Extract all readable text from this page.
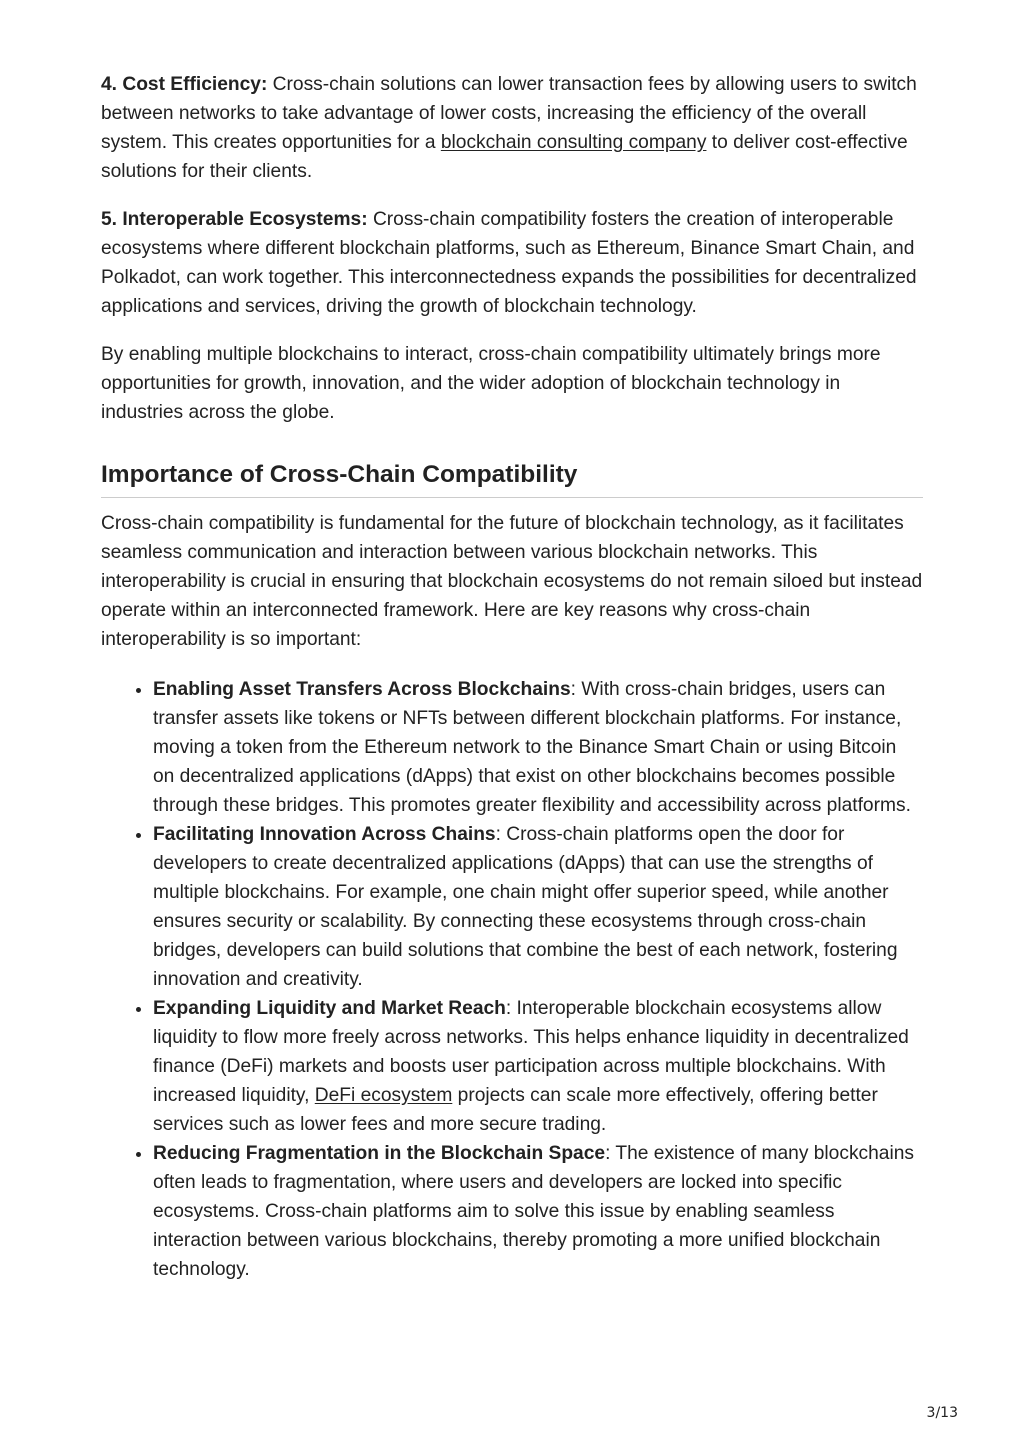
4. Cost Efficiency: Cross-chain solutions can lower transaction fees by allowing users to switch between networks to take advantage of lower costs, increasing the efficiency of the overall system. This creates opportunities for a blockchain consulting company to deliver cost-effective solutions for their clients.

5. Interoperable Ecosystems: Cross-chain compatibility fosters the creation of interoperable ecosystems where different blockchain platforms, such as Ethereum, Binance Smart Chain, and Polkadot, can work together. This interconnectedness expands the possibilities for decentralized applications and services, driving the growth of blockchain technology.

By enabling multiple blockchains to interact, cross-chain compatibility ultimately brings more opportunities for growth, innovation, and the wider adoption of blockchain technology in industries across the globe.

Importance of Cross-Chain Compatibility

Cross-chain compatibility is fundamental for the future of blockchain technology, as it facilitates seamless communication and interaction between various blockchain networks. This interoperability is crucial in ensuring that blockchain ecosystems do not remain siloed but instead operate within an interconnected framework. Here are key reasons why cross-chain interoperability is so important:

• Enabling Asset Transfers Across Blockchains: With cross-chain bridges, users can transfer assets like tokens or NFTs between different blockchain platforms. For instance, moving a token from the Ethereum network to the Binance Smart Chain or using Bitcoin on decentralized applications (dApps) that exist on other blockchains becomes possible through these bridges. This promotes greater flexibility and accessibility across platforms.
• Facilitating Innovation Across Chains: Cross-chain platforms open the door for developers to create decentralized applications (dApps) that can use the strengths of multiple blockchains. For example, one chain might offer superior speed, while another ensures security or scalability. By connecting these ecosystems through cross-chain bridges, developers can build solutions that combine the best of each network, fostering innovation and creativity.
• Expanding Liquidity and Market Reach: Interoperable blockchain ecosystems allow liquidity to flow more freely across networks. This helps enhance liquidity in decentralized finance (DeFi) markets and boosts user participation across multiple blockchains. With increased liquidity, DeFi ecosystem projects can scale more effectively, offering better services such as lower fees and more secure trading.
• Reducing Fragmentation in the Blockchain Space: The existence of many blockchains often leads to fragmentation, where users and developers are locked into specific ecosystems. Cross-chain platforms aim to solve this issue by enabling seamless interaction between various blockchains, thereby promoting a more unified blockchain technology.
3/13
